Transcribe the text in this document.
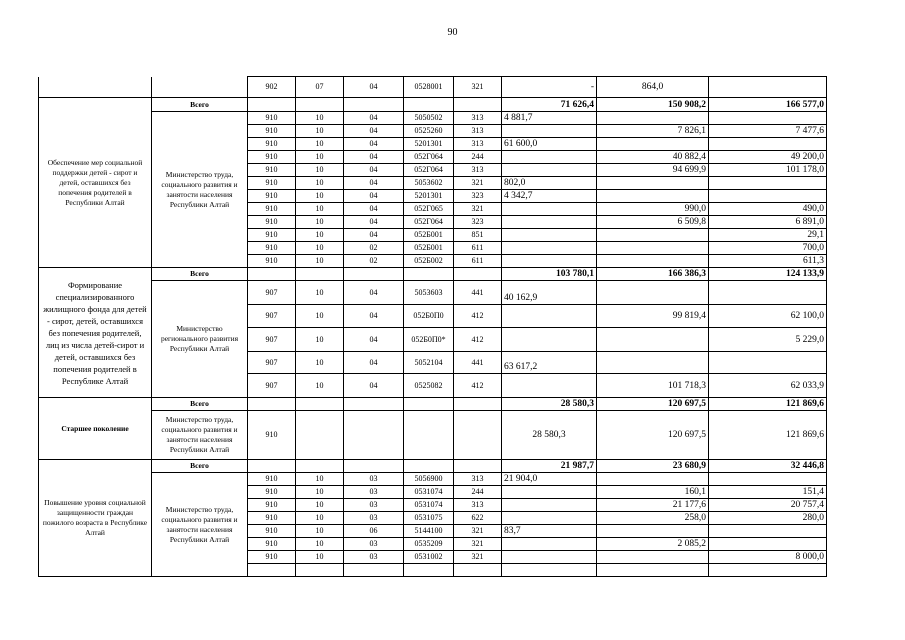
90
		902	07	04	0528001	321	-	864,0	
Обеспечение мер социальной поддержки детей - сирот и детей, оставшихся без попечения родителей в Республики Алтай	Всего						71 626,4	150 908,2	166 577,0
	Министерство труда, социального развития и занятости населения Республики Алтай	910	10	04	5050502	313	4 881,7		
		910	10	04	0525260	313		7 826,1	7 477,6
		910	10	04	5201301	313	61 600,0		
		910	10	04	052Г064	244		40 882,4	49 200,0
		910	10	04	052Г064	313		94 699,9	101 178,0
		910	10	04	5053602	321	802,0		
		910	10	04	5201301	323	4 342,7		
		910	10	04	052Г065	321		990,0	490,0
		910	10	04	052Г064	323		6 509,8	6 891,0
		910	10	04	052Б001	851			29,1
		910	10	02	052Б001	611			700,0
		910	10	02	052Б002	611			611,3
Формирование специализированного жилищного фонда для детей - сирот, детей, оставшихся без попечения родителей, лиц из числа детей-сирот и детей, оставшихся без попечения родителей в Республике Алтай	Всего						103 780,1	166 386,3	124 133,9
	Министерство регионального развития Республики Алтай	907	10	04	5053603	441	40 162,9		
		907	10	04	052Б0П0	412		99 819,4	62 100,0
		907	10	04	052Б0П0*	412			5 229,0
		907	10	04	5052104	441	63 617,2		
		907	10	04	0525082	412		101 718,3	62 033,9
Старшее поколение	Всего						28 580,3	120 697,5	121 869,6
	Министерство труда, социального развития и занятости населения Республики Алтай	910					28 580,3	120 697,5	121 869,6
Повышение уровня социальной защищенности граждан пожилого возраста в Республике Алтай	Всего						21 987,7	23 680,9	32 446,8
	Министерство труда, социального развития и занятости населения Республики Алтай	910	10	03	5056900	313	21 904,0		
		910	10	03	0531074	244		160,1	151,4
		910	10	03	0531074	313		21 177,6	20 757,4
		910	10	03	0531075	622		258,0	280,0
		910	10	06	5144100	321	83,7		
		910	10	03	0535209	321		2 085,2	
		910	10	03	0531002	321			8 000,0
